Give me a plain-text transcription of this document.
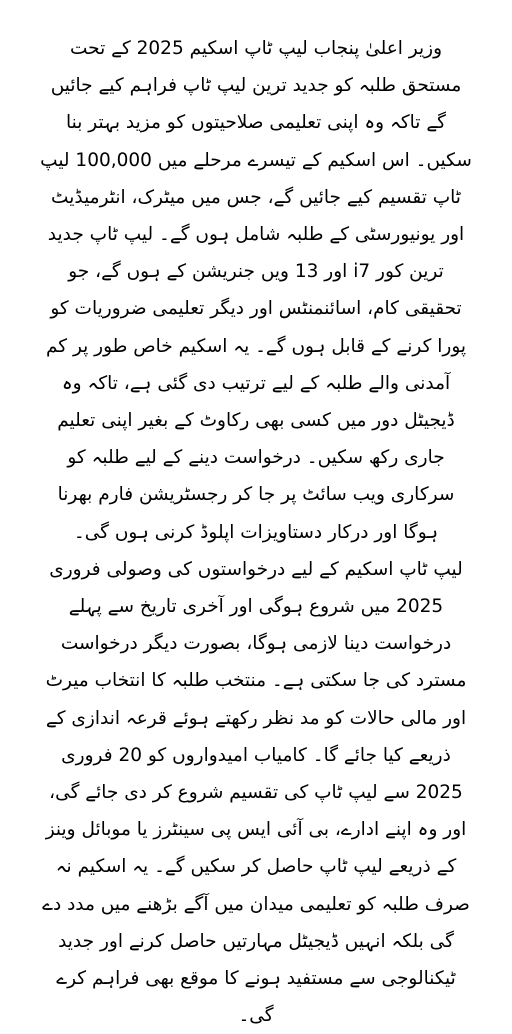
وزیر اعلیٰ پنجاب لیپ ٹاپ اسکیم 2025 کے تحت مستحق طلبہ کو جدید ترین لیپ ٹاپ فراہم کیے جائیں گے تاکہ وہ اپنی تعلیمی صلاحیتوں کو مزید بہتر بنا سکیں۔ اس اسکیم کے تیسرے مرحلے میں 100,000 لیپ ٹاپ تقسیم کیے جائیں گے، جس میں میٹرک، انٹرمیڈیٹ اور یونیورسٹی کے طلبہ شامل ہوں گے۔ لیپ ٹاپ جدید ترین کور i7 اور 13 ویں جنریشن کے ہوں گے، جو تحقیقی کام، اسائنمنٹس اور دیگر تعلیمی ضروریات کو پورا کرنے کے قابل ہوں گے۔ یہ اسکیم خاص طور پر کم آمدنی والے طلبہ کے لیے ترتیب دی گئی ہے، تاکہ وہ ڈیجیٹل دور میں کسی بھی رکاوٹ کے بغیر اپنی تعلیم جاری رکھ سکیں۔ درخواست دینے کے لیے طلبہ کو سرکاری ویب سائٹ پر جا کر رجسٹریشن فارم بھرنا ہوگا اور درکار دستاویزات اپلوڈ کرنی ہوں گی۔

لیپ ٹاپ اسکیم کے لیے درخواستوں کی وصولی فروری 2025 میں شروع ہوگی اور آخری تاریخ سے پہلے درخواست دینا لازمی ہوگا، بصورت دیگر درخواست مسترد کی جا سکتی ہے۔ منتخب طلبہ کا انتخاب میرٹ اور مالی حالات کو مد نظر رکھتے ہوئے قرعہ اندازی کے ذریعے کیا جائے گا۔ کامیاب امیدواروں کو 20 فروری 2025 سے لیپ ٹاپ کی تقسیم شروع کر دی جائے گی، اور وہ اپنے ادارے، بی آئی ایس پی سینٹرز یا موبائل وینز کے ذریعے لیپ ٹاپ حاصل کر سکیں گے۔ یہ اسکیم نہ صرف طلبہ کو تعلیمی میدان میں آگے بڑھنے میں مدد دے گی بلکہ انہیں ڈیجیٹل مہارتیں حاصل کرنے اور جدید ٹیکنالوجی سے مستفید ہونے کا موقع بھی فراہم کرے گی۔
